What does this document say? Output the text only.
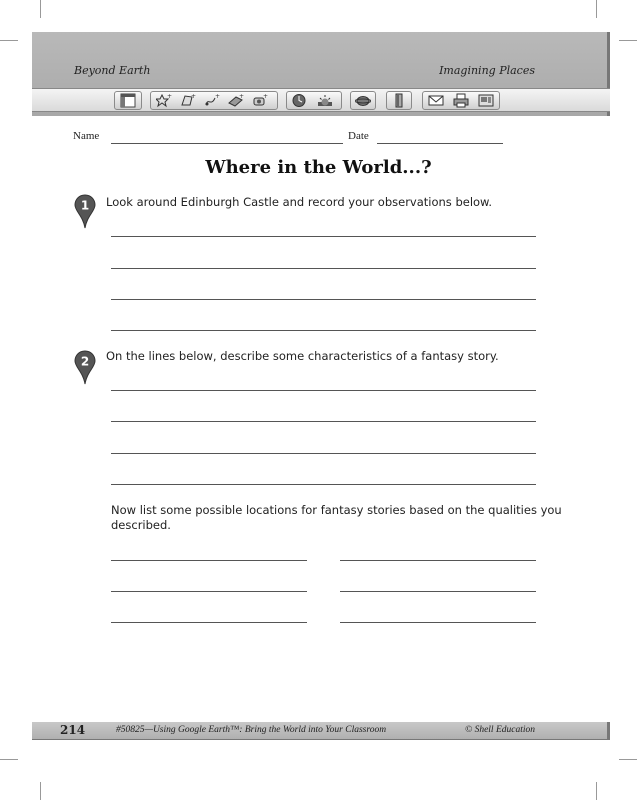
Beyond Earth	Imagining Places
+	+	+	+	+
Name	Date
Where in the World...?
1 Look around Edinburgh Castle and record your observations below.
2 On the lines below, describe some characteristics of a fantasy story.
Now list some possible locations for fantasy stories based on the qualities you
described.
214	#50825—Using Google Earth™: Bring the World into Your Classroom	© Shell Education
